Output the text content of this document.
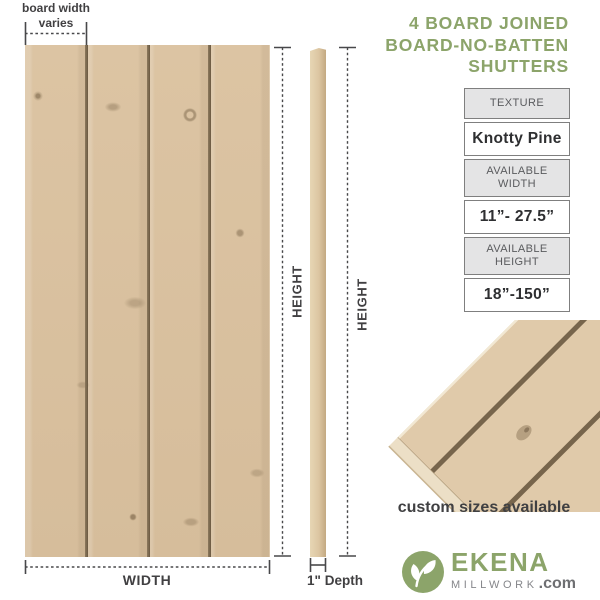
board width
varies
HEIGHT	HEIGHT
WIDTH	1" Depth
4 BOARD JOINED
BOARD-NO-BATTEN
SHUTTERS
TEXTURE
Knotty Pine
AVAILABLE WIDTH
11”- 27.5”
AVAILABLE HEIGHT
18”-150”
custom sizes available
EKENA
MILLWORK .com
